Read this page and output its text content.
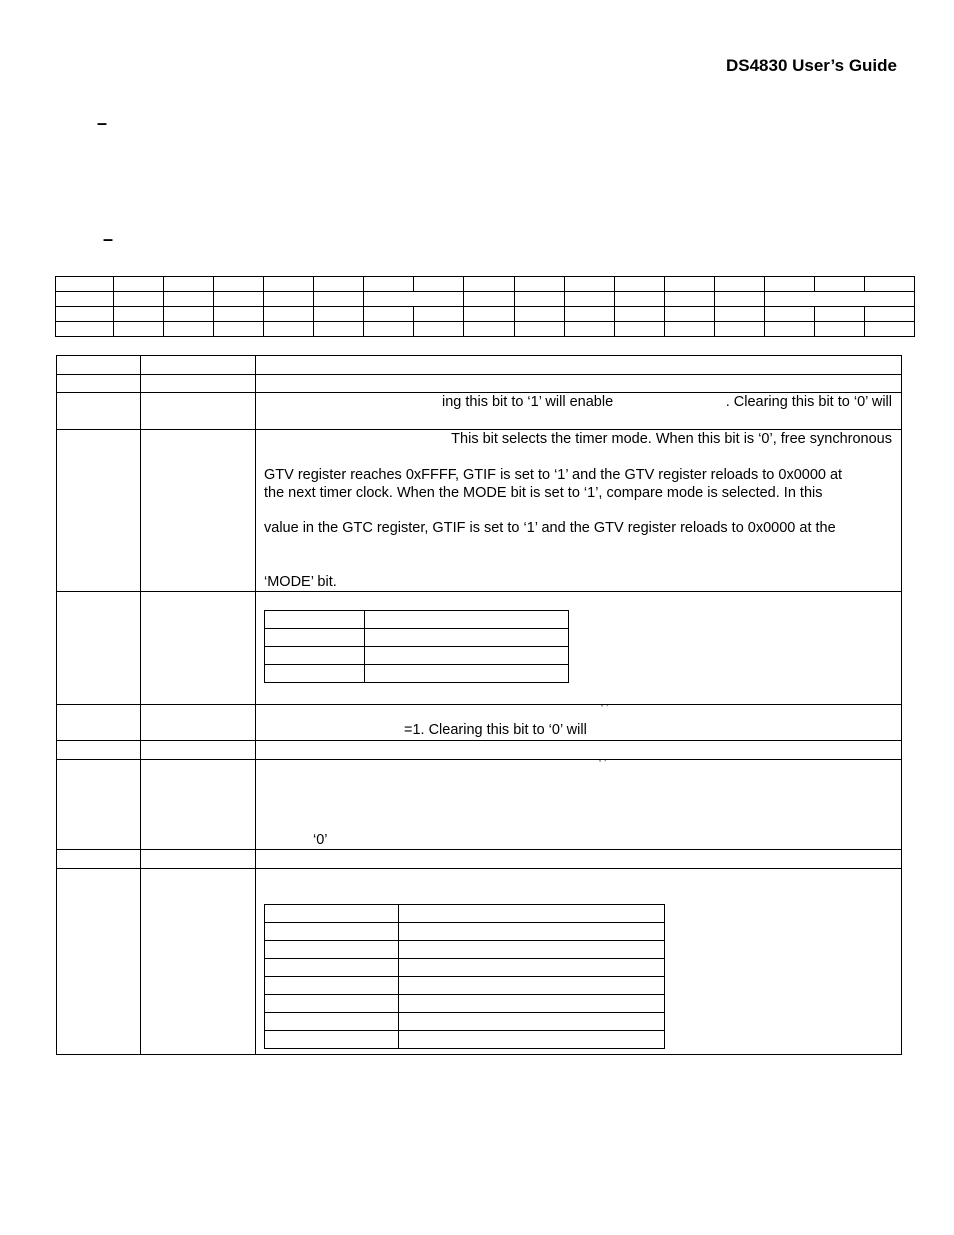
DS4830 User’s Guide
–
–

ing this bit to ‘1’ will enable	. Clearing this bit to ‘0’ will

This bit selects the timer mode. When this bit is ‘0’, free synchronous
GTV register reaches 0xFFFF, GTIF is set to ‘1’ and the GTV register reloads to 0x0000 at
the next timer clock. When the MODE bit is set to ‘1’, compare mode is selected. In this
value in the GTC register, GTIF is set to ‘1’ and the GTV register reloads to 0x0000 at the
‘MODE’ bit.

‘ ’
=1. Clearing this bit to ‘0’ will

‘ ’
‘0’
